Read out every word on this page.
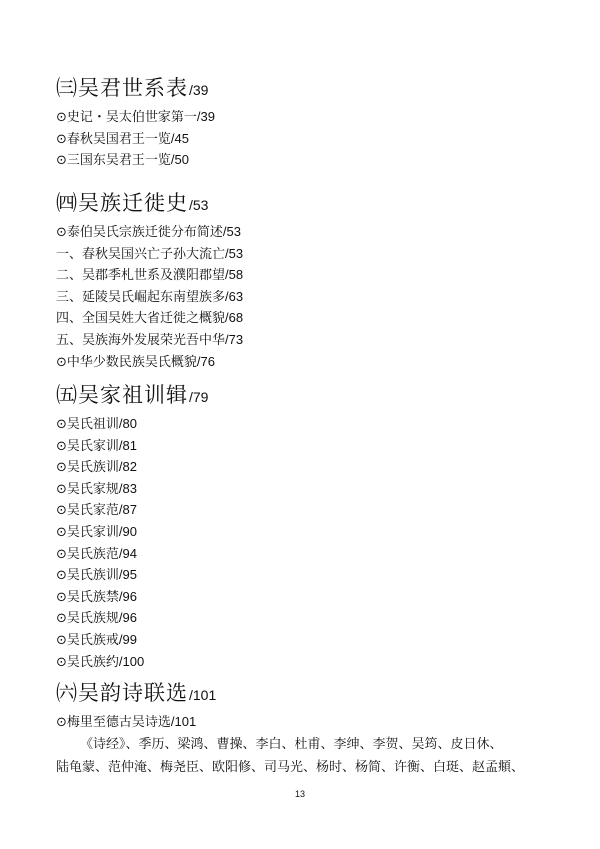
㈢吴君世系表 /39
⊙史记・吴太伯世家第一/39
⊙春秋吴国君王一览/45
⊙三国东吴君王一览/50
㈣吴族迁徙史 /53
⊙泰伯吴氏宗族迁徙分布简述/53
一、春秋吴国兴亡子孙大流亡/53
二、吴郡季札世系及濮阳郡望/58
三、延陵吴氏崛起东南望族多/63
四、全国吴姓大省迁徙之概貌/68
五、吴族海外发展荣光吾中华/73
⊙中华少数民族吴氏概貌/76
㈤吴家祖训辑 /79
⊙吴氏祖训/80
⊙吴氏家训/81
⊙吴氏族训/82
⊙吴氏家规/83
⊙吴氏家范/87
⊙吴氏家训/90
⊙吴氏族范/94
⊙吴氏族训/95
⊙吴氏族禁/96
⊙吴氏族规/96
⊙吴氏族戒/99
⊙吴氏族约/100
㈥吴韵诗联选 /101
⊙梅里至德古吴诗选/101

《诗经》、季历、梁鸿、曹操、李白、杜甫、李绅、李贺、吴筠、皮日休、
陆龟蒙、范仲淹、梅尧臣、欧阳修、司马光、杨时、杨简、许衡、白珽、赵孟頫、

13
